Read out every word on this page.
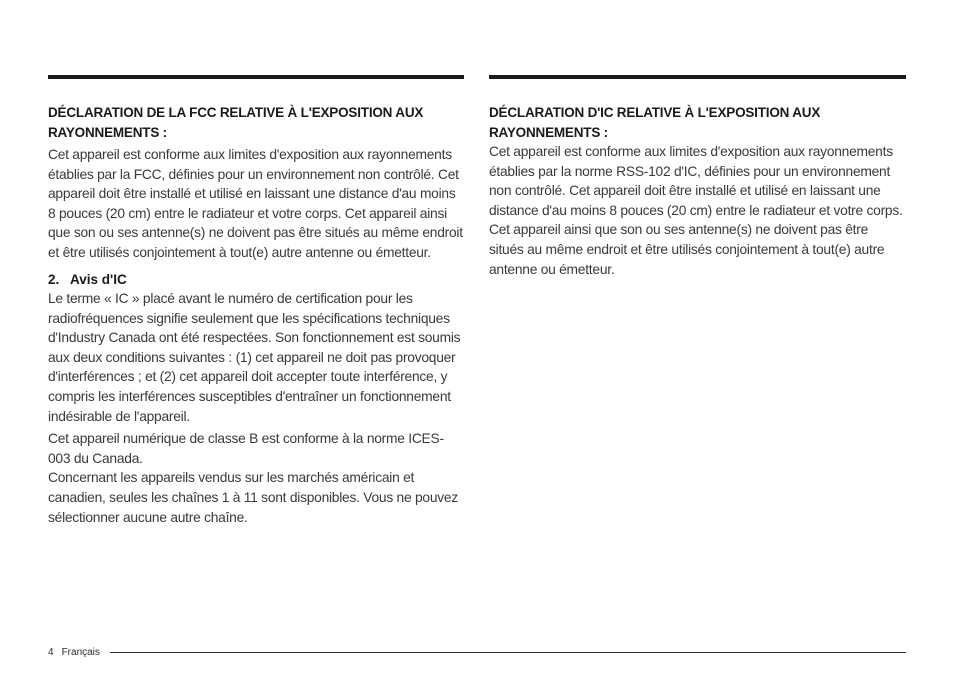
DÉCLARATION DE LA FCC RELATIVE À L'EXPOSITION AUX RAYONNEMENTS :

Cet appareil est conforme aux limites d'exposition aux rayonnements établies par la FCC, définies pour un environnement non contrôlé. Cet appareil doit être installé et utilisé en laissant une distance d'au moins 8 pouces (20 cm) entre le radiateur et votre corps. Cet appareil ainsi que son ou ses antenne(s) ne doivent pas être situés au même endroit et être utilisés conjointement à tout(e) autre antenne ou émetteur.

2. Avis d'IC

Le terme « IC » placé avant le numéro de certification pour les radiofréquences signifie seulement que les spécifications techniques d'Industry Canada ont été respectées. Son fonctionnement est soumis aux deux conditions suivantes : (1) cet appareil ne doit pas provoquer d'interférences ; et (2) cet appareil doit accepter toute interférence, y compris les interférences susceptibles d'entraîner un fonctionnement indésirable de l'appareil.

Cet appareil numérique de classe B est conforme à la norme ICES-003 du Canada.

Concernant les appareils vendus sur les marchés américain et canadien, seules les chaînes 1 à 11 sont disponibles. Vous ne pouvez sélectionner aucune autre chaîne.

DÉCLARATION D'IC RELATIVE À L'EXPOSITION AUX RAYONNEMENTS :

Cet appareil est conforme aux limites d'exposition aux rayonnements établies par la norme RSS-102 d'IC, définies pour un environnement non contrôlé. Cet appareil doit être installé et utilisé en laissant une distance d'au moins 8 pouces (20 cm) entre le radiateur et votre corps. Cet appareil ainsi que son ou ses antenne(s) ne doivent pas être situés au même endroit et être utilisés conjointement à tout(e) autre antenne ou émetteur.

4 Français
